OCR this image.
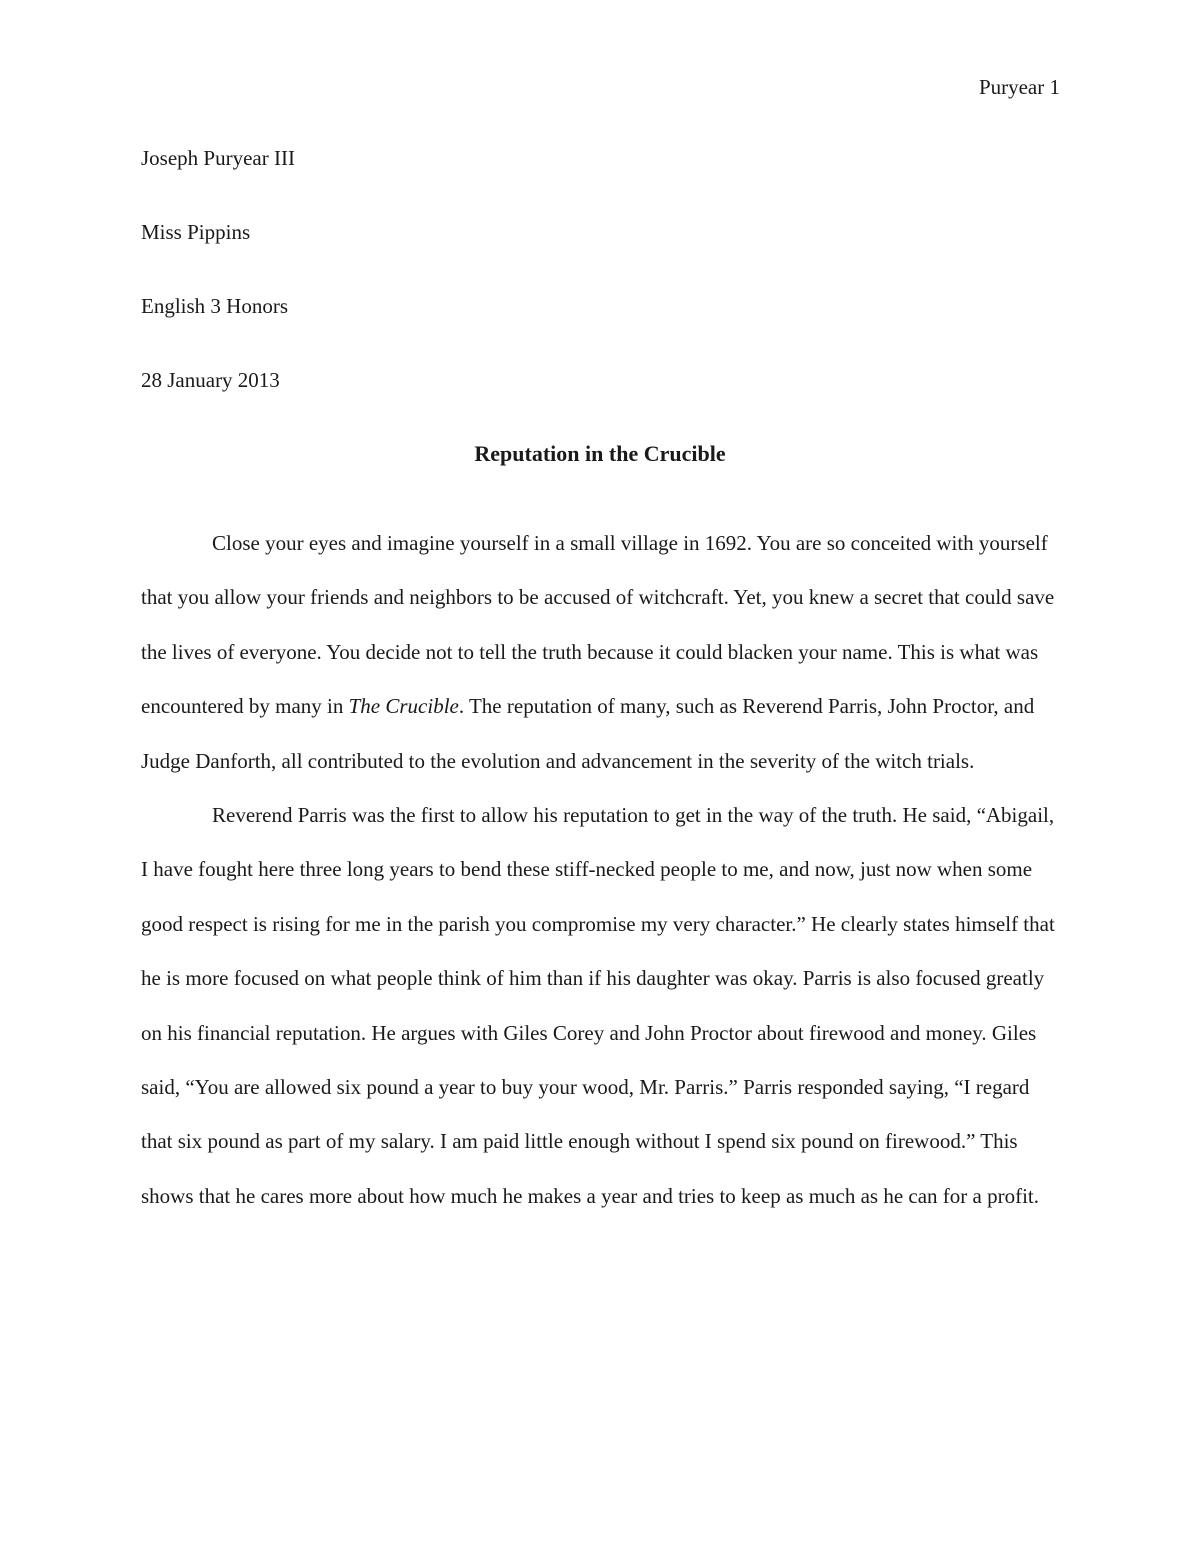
Puryear 1
Joseph Puryear III
Miss Pippins
English 3 Honors
28 January 2013
Reputation in the Crucible

Close your eyes and imagine yourself in a small village in 1692. You are so conceited with yourself that you allow your friends and neighbors to be accused of witchcraft. Yet, you knew a secret that could save the lives of everyone. You decide not to tell the truth because it could blacken your name. This is what was encountered by many in The Crucible. The reputation of many, such as Reverend Parris, John Proctor, and Judge Danforth, all contributed to the evolution and advancement in the severity of the witch trials.

Reverend Parris was the first to allow his reputation to get in the way of the truth. He said, “Abigail, I have fought here three long years to bend these stiff-necked people to me, and now, just now when some good respect is rising for me in the parish you compromise my very character.” He clearly states himself that he is more focused on what people think of him than if his daughter was okay. Parris is also focused greatly on his financial reputation. He argues with Giles Corey and John Proctor about firewood and money. Giles said, “You are allowed six pound a year to buy your wood, Mr. Parris.” Parris responded saying, “I regard that six pound as part of my salary. I am paid little enough without I spend six pound on firewood.” This shows that he cares more about how much he makes a year and tries to keep as much as he can for a profit.
